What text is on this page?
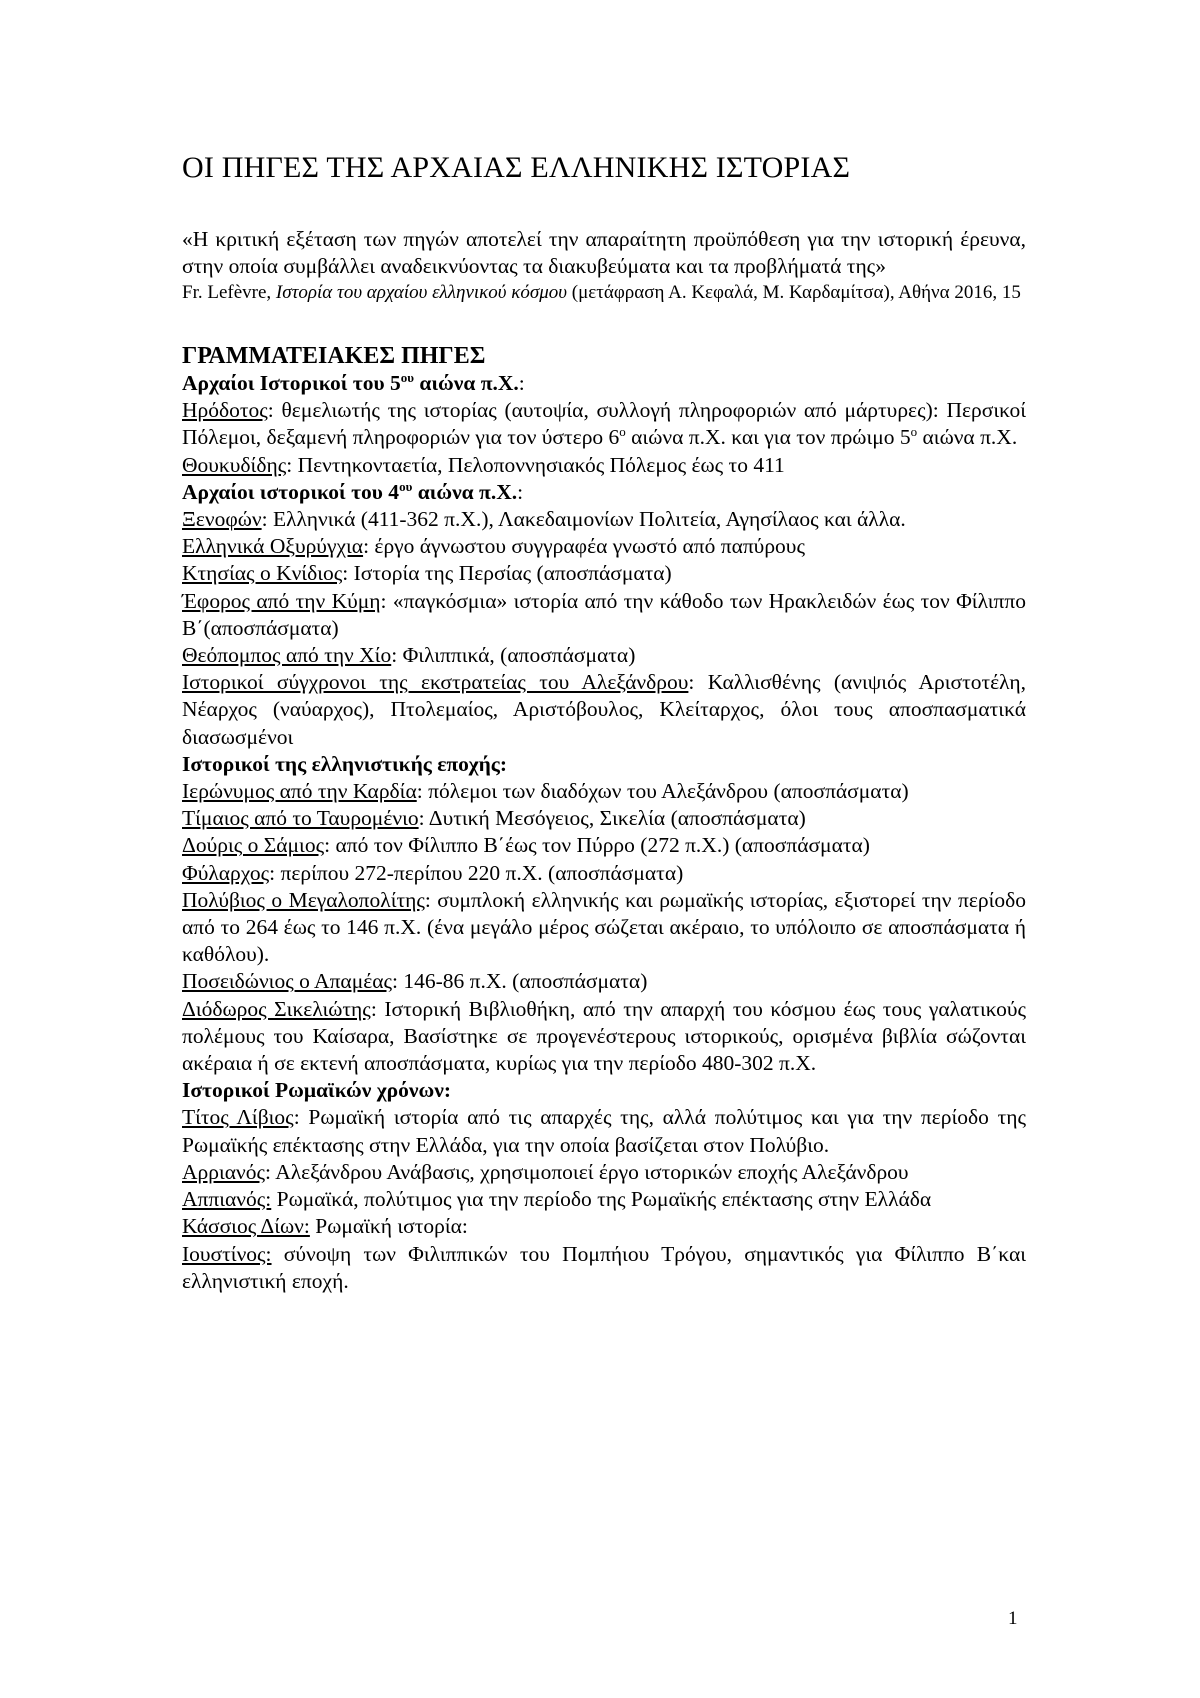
ΟΙ ΠΗΓΕΣ ΤΗΣ ΑΡΧΑΙΑΣ ΕΛΛΗΝΙΚΗΣ ΙΣΤΟΡΙΑΣ
«Η κριτική εξέταση των πηγών αποτελεί την απαραίτητη προϋπόθεση για την ιστορική έρευνα, στην οποία συμβάλλει αναδεικνύοντας τα διακυβεύματα και τα προβλήματά της»
Fr. Lefèvre, Ιστορία του αρχαίου ελληνικού κόσμου (μετάφραση Α. Κεφαλά, Μ. Καρδαμίτσα), Αθήνα 2016, 15
ΓΡΑΜΜΑΤΕΙΑΚΕΣ ΠΗΓΕΣ
Αρχαίοι Ιστορικοί του $5^{o\upsilon}$ αιώνα π.Χ.:
Ηρόδοτος: θεμελιωτής της ιστορίας (αυτοψία, συλλογή πληροφοριών από μάρτυρες): Περσικοί Πόλεμοι, δεξαμενή πληροφοριών για τον ύστερο $6^o$ αιώνα π.Χ. και για τον πρώιμο $5^o$ αιώνα π.Χ.
Θουκυδίδης: Πεντηκονταετία, Πελοποννησιακός Πόλεμος έως το 411
Αρχαίοι ιστορικοί του $4^{o\upsilon}$ αιώνα π.Χ.:
Ξενοφών: Ελληνικά (411-362 π.Χ.), Λακεδαιμονίων Πολιτεία, Αγησίλαος και άλλα.
Ελληνικά Οξυρύγχια: έργο άγνωστου συγγραφέα γνωστό από παπύρους
Κτησίας ο Κνίδιος: Ιστορία της Περσίας (αποσπάσματα)
Έφορος από την Κύμη: «παγκόσμια» ιστορία από την κάθοδο των Ηρακλειδών έως τον Φίλιππο Β΄(αποσπάσματα)
Θεόπομπος από την Χίο: Φιλιππικά, (αποσπάσματα)
Ιστορικοί σύγχρονοι της εκστρατείας του Αλεξάνδρου: Καλλισθένης (ανιψιός Αριστοτέλη, Νέαρχος (ναύαρχος), Πτολεμαίος, Αριστόβουλος, Κλείταρχος, όλοι τους αποσπασματικά διασωσμένοι
Ιστορικοί της ελληνιστικής εποχής:
Ιερώνυμος από την Καρδία: πόλεμοι των διαδόχων του Αλεξάνδρου (αποσπάσματα)
Τίμαιος από το Ταυρομένιο: Δυτική Μεσόγειος, Σικελία (αποσπάσματα)
Δούρις ο Σάμιος: από τον Φίλιππο Β΄έως τον Πύρρο (272 π.Χ.) (αποσπάσματα)
Φύλαρχος: περίπου 272-περίπου 220 π.Χ. (αποσπάσματα)
Πολύβιος ο Μεγαλοπολίτης: συμπλοκή ελληνικής και ρωμαϊκής ιστορίας, εξιστορεί την περίοδο από το 264 έως το 146 π.Χ. (ένα μεγάλο μέρος σώζεται ακέραιο, το υπόλοιπο σε αποσπάσματα ή καθόλου).
Ποσειδώνιος ο Απαμέας: 146-86 π.Χ. (αποσπάσματα)
Διόδωρος Σικελιώτης: Ιστορική Βιβλιοθήκη, από την απαρχή του κόσμου έως τους γαλατικούς πολέμους του Καίσαρα, Βασίστηκε σε προγενέστερους ιστορικούς, ορισμένα βιβλία σώζονται ακέραια ή σε εκτενή αποσπάσματα, κυρίως για την περίοδο 480-302 π.Χ.
Ιστορικοί Ρωμαϊκών χρόνων:
Τίτος Λίβιος: Ρωμαϊκή ιστορία από τις απαρχές της, αλλά πολύτιμος και για την περίοδο της Ρωμαϊκής επέκτασης στην Ελλάδα, για την οποία βασίζεται στον Πολύβιο.
Αρριανός: Αλεξάνδρου Ανάβασις, χρησιμοποιεί έργο ιστορικών εποχής Αλεξάνδρου
Αππιανός: Ρωμαϊκά, πολύτιμος για την περίοδο της Ρωμαϊκής επέκτασης στην Ελλάδα
Κάσσιος Δίων: Ρωμαϊκή ιστορία:
Ιουστίνος: σύνοψη των Φιλιππικών του Πομπήιου Τρόγου, σημαντικός για Φίλιππο Β΄και ελληνιστική εποχή.
1
